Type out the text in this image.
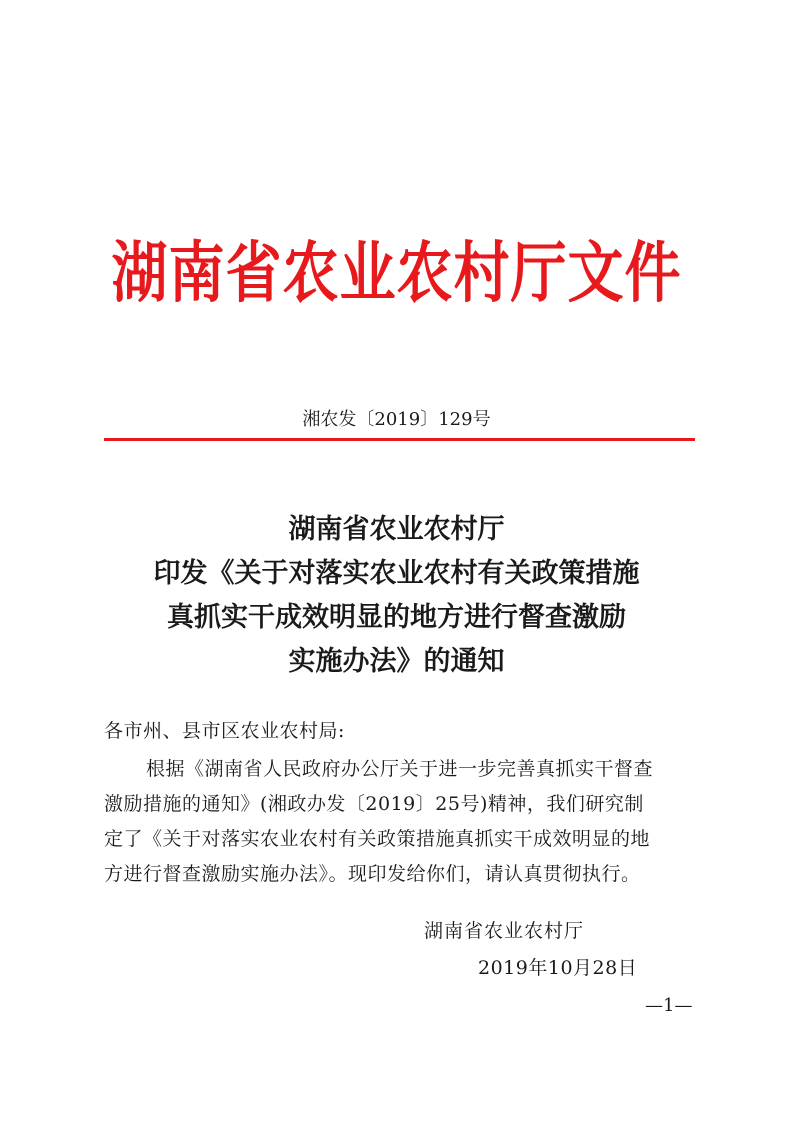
湖南省农业农村厅文件
湘农发〔2019〕129号
湖南省农业农村厅
印发《关于对落实农业农村有关政策措施
真抓实干成效明显的地方进行督查激励
实施办法》的通知
各市州、县市区农业农村局:
根据《湖南省人民政府办公厅关于进一步完善真抓实干督查
激励措施的通知》(湘政办发〔2019〕25号)精神，我们研究制
定了《关于对落实农业农村有关政策措施真抓实干成效明显的地
方进行督查激励实施办法》。现印发给你们，请认真贯彻执行。
湖南省农业农村厅
2019年10月28日
—1—
